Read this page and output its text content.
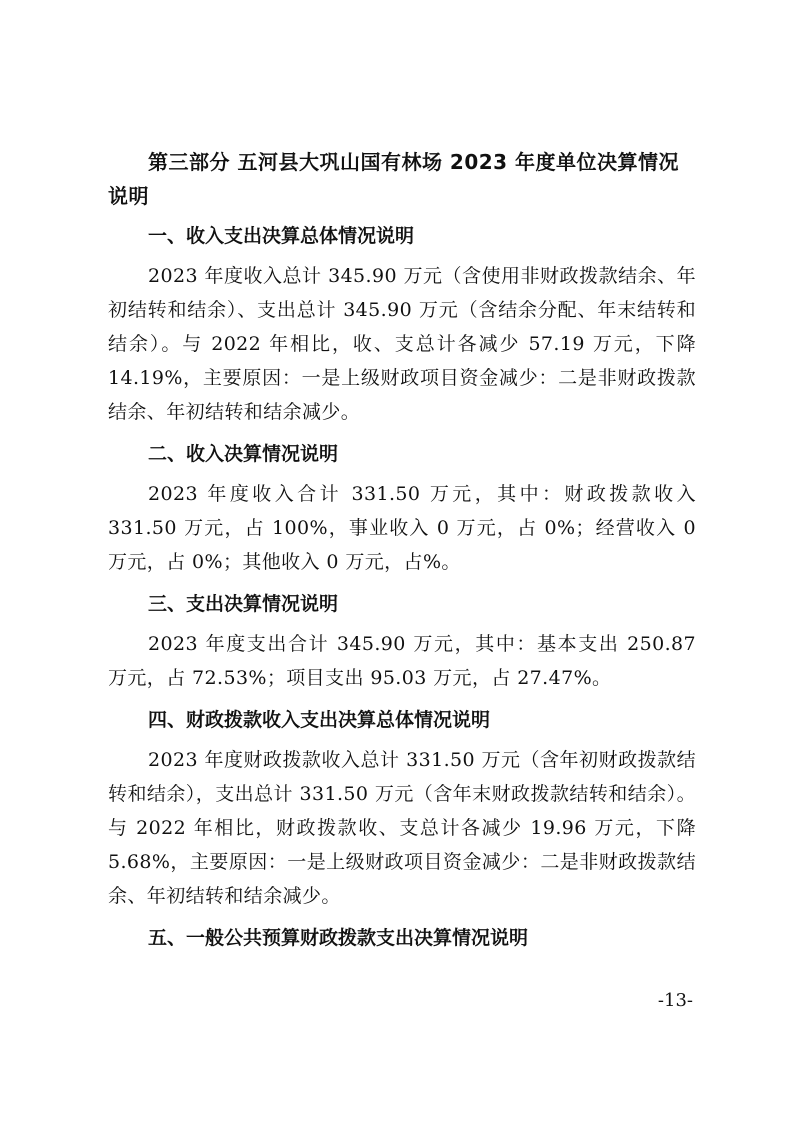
第三部分 五河县大巩山国有林场 2023 年度单位决算情况说明
一、收入支出决算总体情况说明
2023 年度收入总计 345.90 万元（含使用非财政拨款结余、年初结转和结余）、支出总计 345.90 万元（含结余分配、年末结转和结余）。与 2022 年相比，收、支总计各减少 57.19 万元，下降 14.19%，主要原因：一是上级财政项目资金减少：二是非财政拨款结余、年初结转和结余减少。
二、收入决算情况说明
2023 年度收入合计 331.50 万元，其中：财政拨款收入 331.50 万元，占 100%，事业收入 0 万元，占 0%；经营收入 0 万元，占 0%；其他收入 0 万元，占%。
三、支出决算情况说明
2023 年度支出合计 345.90 万元，其中：基本支出 250.87 万元，占 72.53%；项目支出 95.03 万元，占 27.47%。
四、财政拨款收入支出决算总体情况说明
2023 年度财政拨款收入总计 331.50 万元（含年初财政拨款结转和结余），支出总计 331.50 万元（含年末财政拨款结转和结余）。与 2022 年相比，财政拨款收、支总计各减少 19.96 万元，下降 5.68%，主要原因：一是上级财政项目资金减少：二是非财政拨款结余、年初结转和结余减少。
五、一般公共预算财政拨款支出决算情况说明
-13-
